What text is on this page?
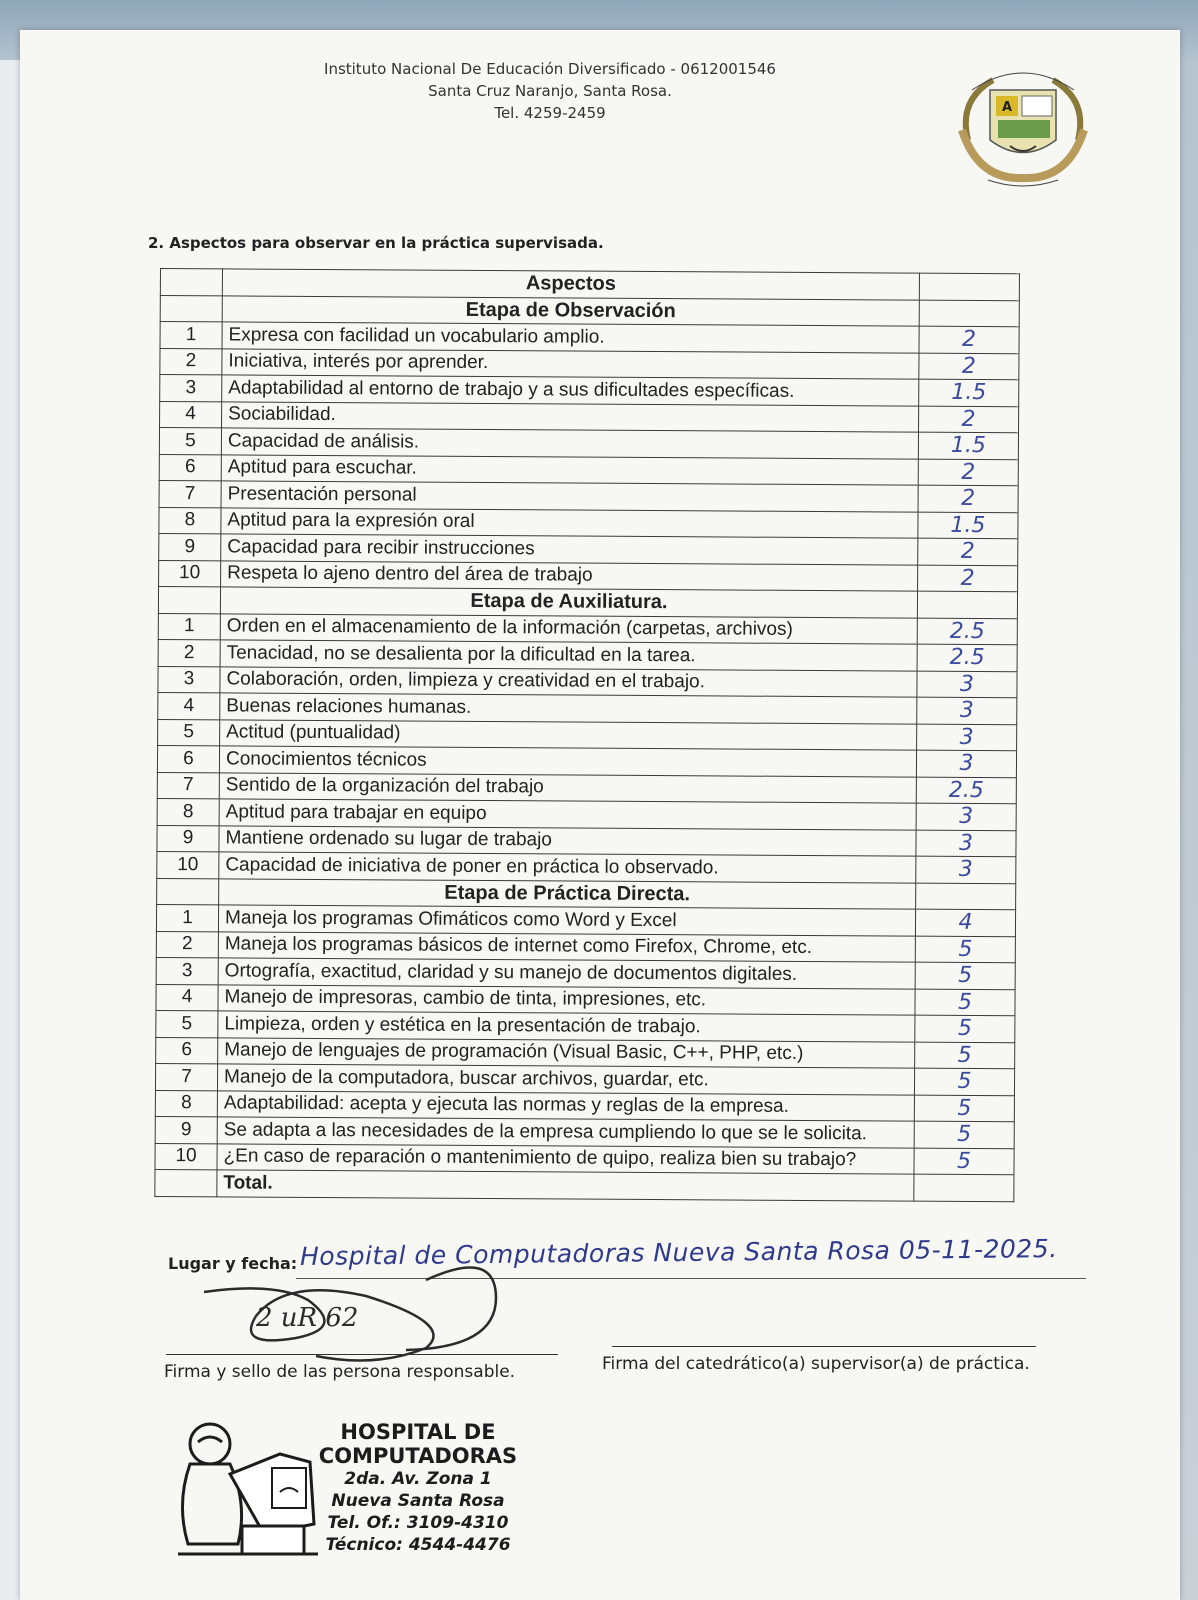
Instituto Nacional De Educación Diversificado - 0612001546
Santa Cruz Naranjo, Santa Rosa.
Tel. 4259-2459	A
2. Aspectos para observar en la práctica supervisada.
	Aspectos	
	Etapa de Observación	
1	Expresa con facilidad un vocabulario amplio.	2
2	Iniciativa, interés por aprender.	2
3	Adaptabilidad al entorno de trabajo y a sus dificultades específicas.	1.5
4	Sociabilidad.	2
5	Capacidad de análisis.	1.5
6	Aptitud para escuchar.	2
7	Presentación personal	2
8	Aptitud para la expresión oral	1.5
9	Capacidad para recibir instrucciones	2
10	Respeta lo ajeno dentro del área de trabajo	2
	Etapa de Auxiliatura.	
1	Orden en el almacenamiento de la información (carpetas, archivos)	2.5
2	Tenacidad, no se desalienta por la dificultad en la tarea.	2.5
3	Colaboración, orden, limpieza y creatividad en el trabajo.	3
4	Buenas relaciones humanas.	3
5	Actitud (puntualidad)	3
6	Conocimientos técnicos	3
7	Sentido de la organización del trabajo	2.5
8	Aptitud para trabajar en equipo	3
9	Mantiene ordenado su lugar de trabajo	3
10	Capacidad de iniciativa de poner en práctica lo observado.	3
	Etapa de Práctica Directa.	
1	Maneja los programas Ofimáticos como Word y Excel	4
2	Maneja los programas básicos de internet como Firefox, Chrome, etc.	5
3	Ortografía, exactitud, claridad y su manejo de documentos digitales.	5
4	Manejo de impresoras, cambio de tinta, impresiones, etc.	5
5	Limpieza, orden y estética en la presentación de trabajo.	5
6	Manejo de lenguajes de programación (Visual Basic, C++, PHP, etc.)	5
7	Manejo de la computadora, buscar archivos, guardar, etc.	5
8	Adaptabilidad: acepta y ejecuta las normas y reglas de la empresa.	5
9	Se adapta a las necesidades de la empresa cumpliendo lo que se le solicita.	5
10	¿En caso de reparación o mantenimiento de quipo, realiza bien su trabajo?	5
	Total.	
Lugar y fecha: Hospital de Computadoras Nueva Santa Rosa 05-11-2025.
2 uR 62
Firma y sello de las persona responsable.	Firma del catedrático(a) supervisor(a) de práctica.
HOSPITAL DE
COMPUTADORAS
2da. Av. Zona 1
Nueva Santa Rosa
Tel. Of.: 3109-4310
Técnico: 4544-4476
